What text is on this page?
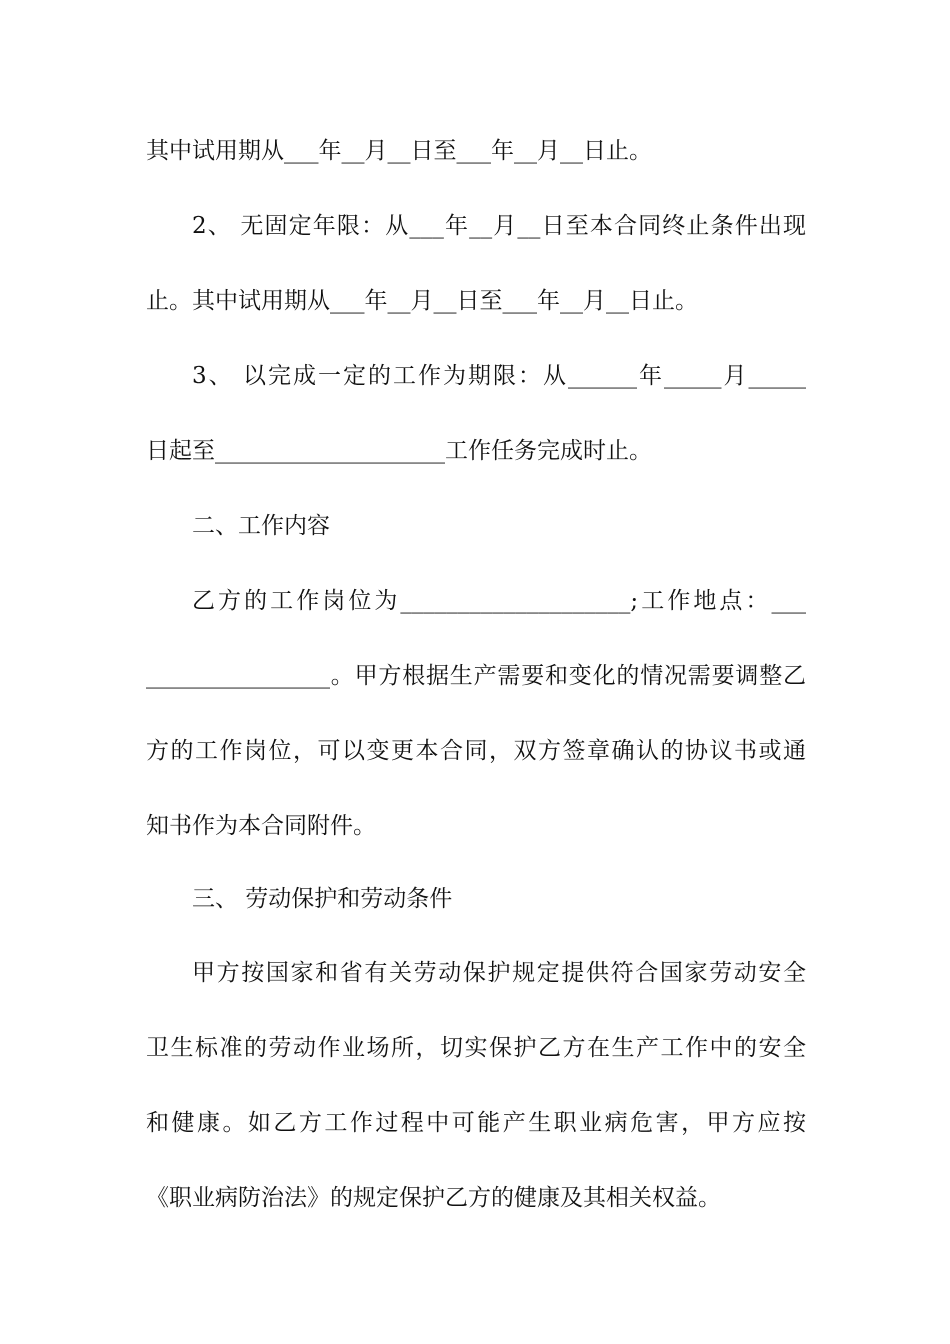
其中试用期从___年__月__日至___年__月__日止。
2、 无固定年限：从___年__月__日至本合同终止条件出现
止。其中试用期从___年__月__日至___年__月__日止。
3、 以完成一定的工作为期限：从______年_____月_____
日起至____________________工作任务完成时止。
二、工作内容
乙方的工作岗位为____________________;工作地点：___
________________。甲方根据生产需要和变化的情况需要调整乙
方的工作岗位，可以变更本合同，双方签章确认的协议书或通
知书作为本合同附件。
三、 劳动保护和劳动条件
甲方按国家和省有关劳动保护规定提供符合国家劳动安全
卫生标准的劳动作业场所，切实保护乙方在生产工作中的安全
和健康。如乙方工作过程中可能产生职业病危害，甲方应按
《职业病防治法》的规定保护乙方的健康及其相关权益。
